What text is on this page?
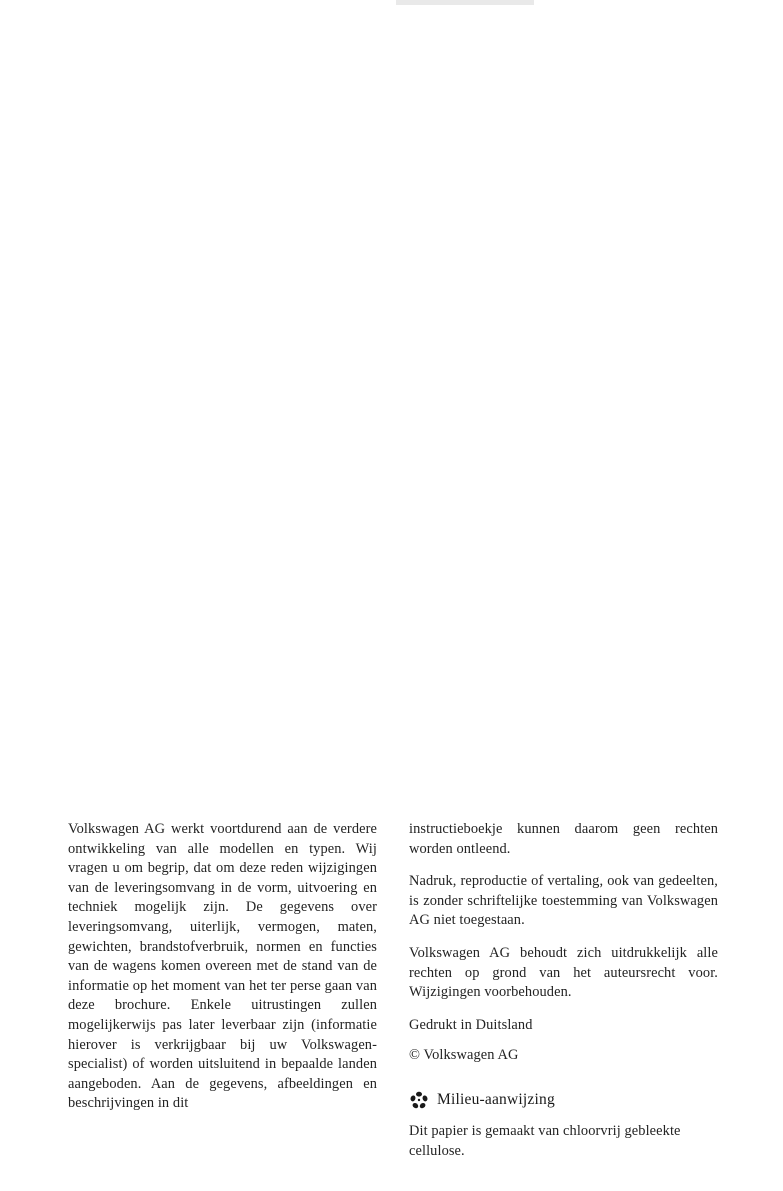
Volkswagen AG werkt voortdurend aan de verdere ontwikkeling van alle modellen en typen. Wij vragen u om begrip, dat om deze reden wijzigingen van de leveringsomvang in de vorm, uitvoering en techniek mogelijk zijn. De gegevens over leveringsomvang, uiterlijk, vermogen, maten, gewichten, brandstofverbruik, normen en functies van de wagens komen overeen met de stand van de informatie op het moment van het ter perse gaan van deze brochure. Enkele uitrustingen zullen mogelijkerwijs pas later leverbaar zijn (informatie hierover is verkrijgbaar bij uw Volkswagen-specialist) of worden uitsluitend in bepaalde landen aangeboden. Aan de gegevens, afbeeldingen en beschrijvingen in dit

instructieboekje kunnen daarom geen rechten worden ontleend.

Nadruk, reproductie of vertaling, ook van gedeelten, is zonder schriftelijke toestemming van Volkswagen AG niet toegestaan.

Volkswagen AG behoudt zich uitdrukkelijk alle rechten op grond van het auteursrecht voor. Wijzigingen voorbehouden.

Gedrukt in Duitsland

© Volkswagen AG

Milieu-aanwijzing

Dit papier is gemaakt van chloorvrij gebleekte cellulose.
